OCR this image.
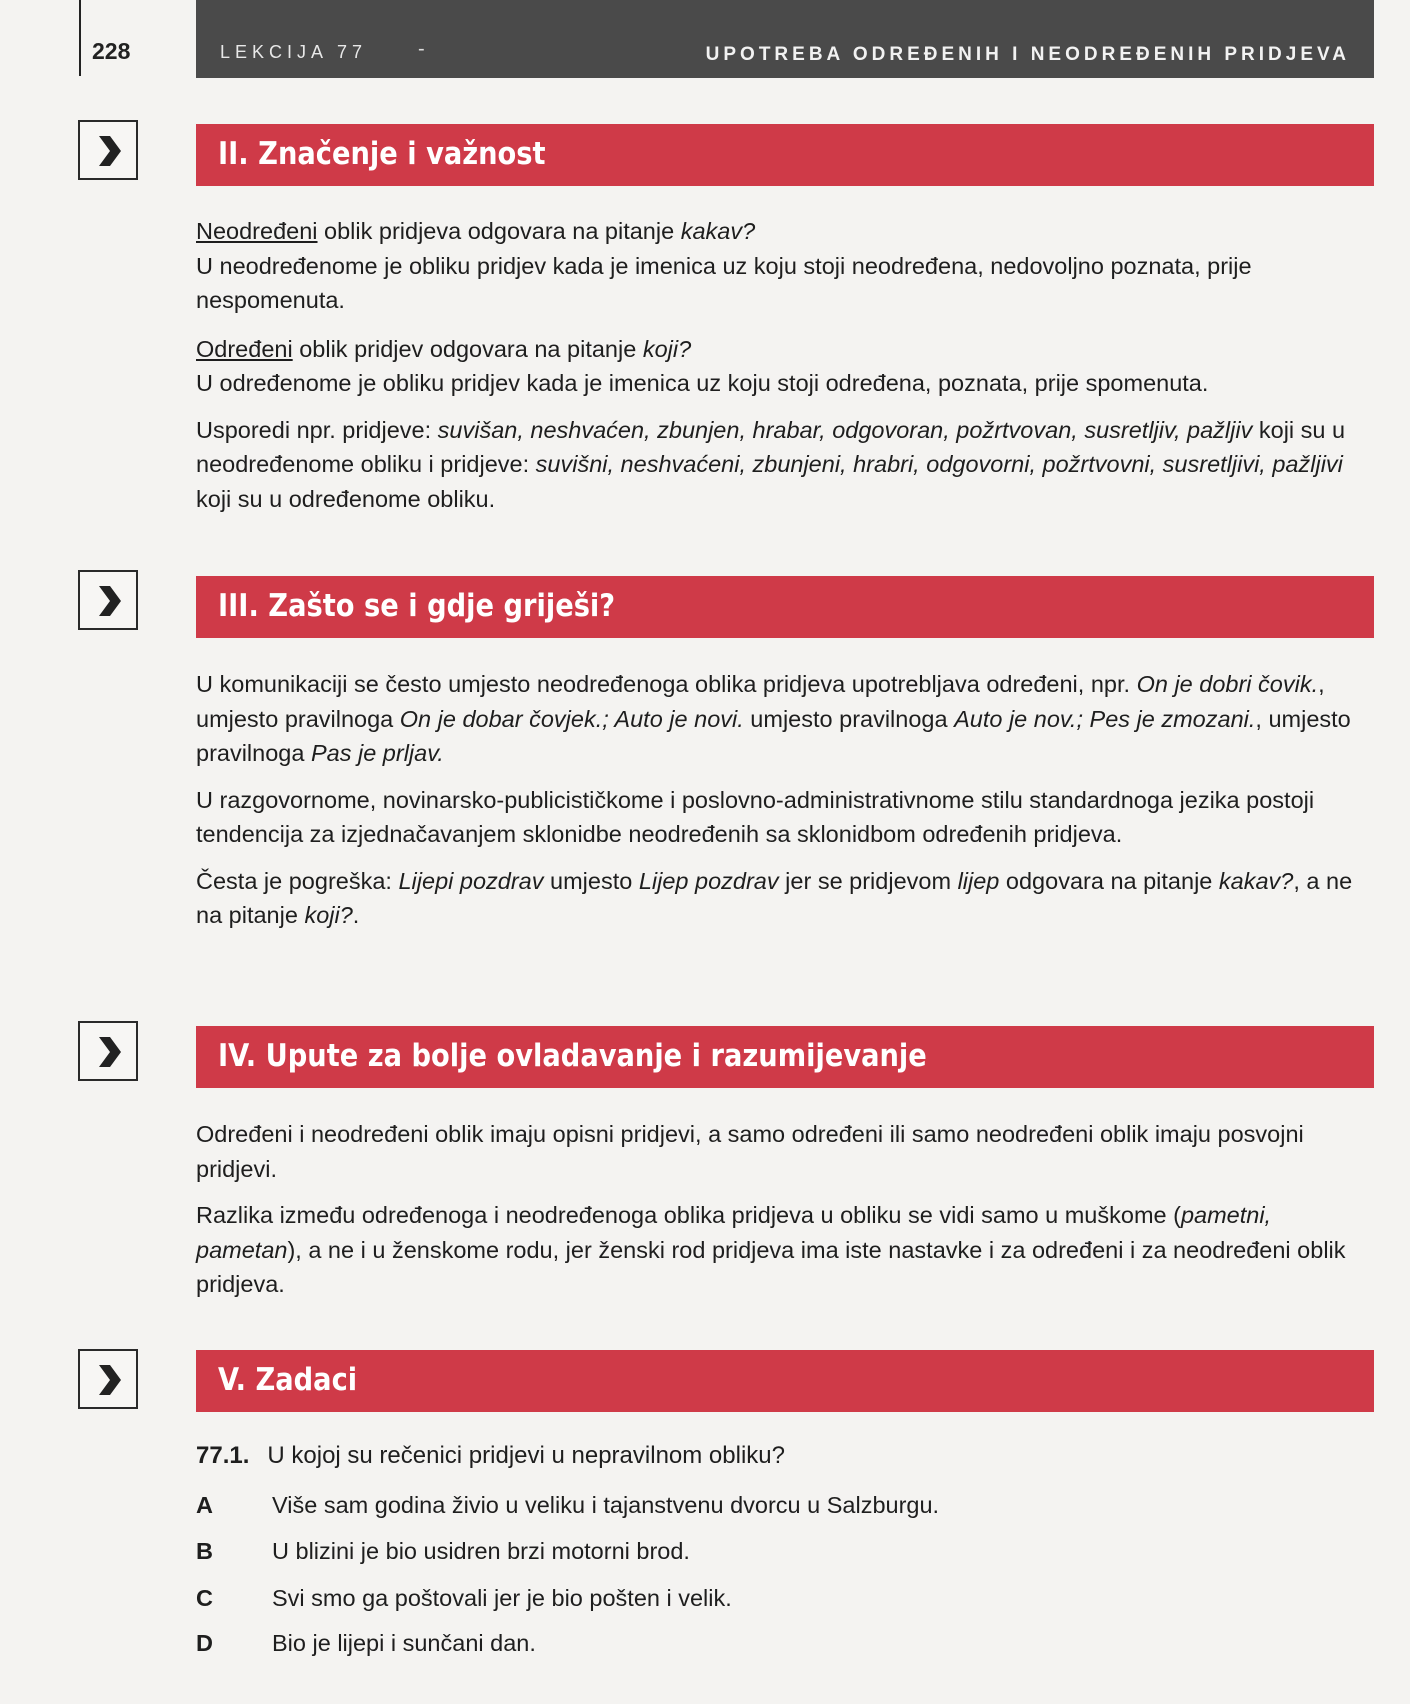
228	LEKCIJA 77	-	UPOTREBA ODREĐENIH I NEODREĐENIH PRIDJEVA
II. Značenje i važnost

Neodređeni oblik pridjeva odgovara na pitanje kakav?

U neodređenome je obliku pridjev kada je imenica uz koju stoji neodređena, nedovoljno poznata, prije nespomenuta.

Određeni oblik pridjev odgovara na pitanje koji?

U određenome je obliku pridjev kada je imenica uz koju stoji određena, poznata, prije spomenuta.

Usporedi npr. pridjeve: suvišan, neshvaćen, zbunjen, hrabar, odgovoran, požrtvovan, susretljiv, pažljiv koji su u neodređenome obliku i pridjeve: suvišni, neshvaćeni, zbunjeni, hrabri, odgovorni, požrtvovni, susretljivi, pažljivi koji su u određenome obliku.

III. Zašto se i gdje griješi?

U komunikaciji se često umjesto neodređenoga oblika pridjeva upotrebljava određeni, npr. On je dobri čovik., umjesto pravilnoga On je dobar čovjek.; Auto je novi. umjesto pravilnoga Auto je nov.; Pes je zmozani., umjesto pravilnoga Pas je prljav.

U razgovornome, novinarsko-publicističkome i poslovno-administrativnome stilu standardnoga jezika postoji tendencija za izjednačavanjem sklonidbe neodređenih sa sklonidbom određenih pridjeva.

Česta je pogreška: Lijepi pozdrav umjesto Lijep pozdrav jer se pridjevom lijep odgovara na pitanje kakav?, a ne na pitanje koji?.

IV. Upute za bolje ovladavanje i razumijevanje

Određeni i neodređeni oblik imaju opisni pridjevi, a samo određeni ili samo neodređeni oblik imaju posvojni pridjevi.

Razlika između određenoga i neodređenoga oblika pridjeva u obliku se vidi samo u muškome (pametni, pametan), a ne i u ženskome rodu, jer ženski rod pridjeva ima iste nastavke i za određeni i za neodređeni oblik pridjeva.

V. Zadaci
77.1. U kojoj su rečenici pridjevi u nepravilnom obliku?
A	Više sam godina živio u veliku i tajanstvenu dvorcu u Salzburgu.
B	U blizini je bio usidren brzi motorni brod.
C	Svi smo ga poštovali jer je bio pošten i velik.
D	Bio je lijepi i sunčani dan.
